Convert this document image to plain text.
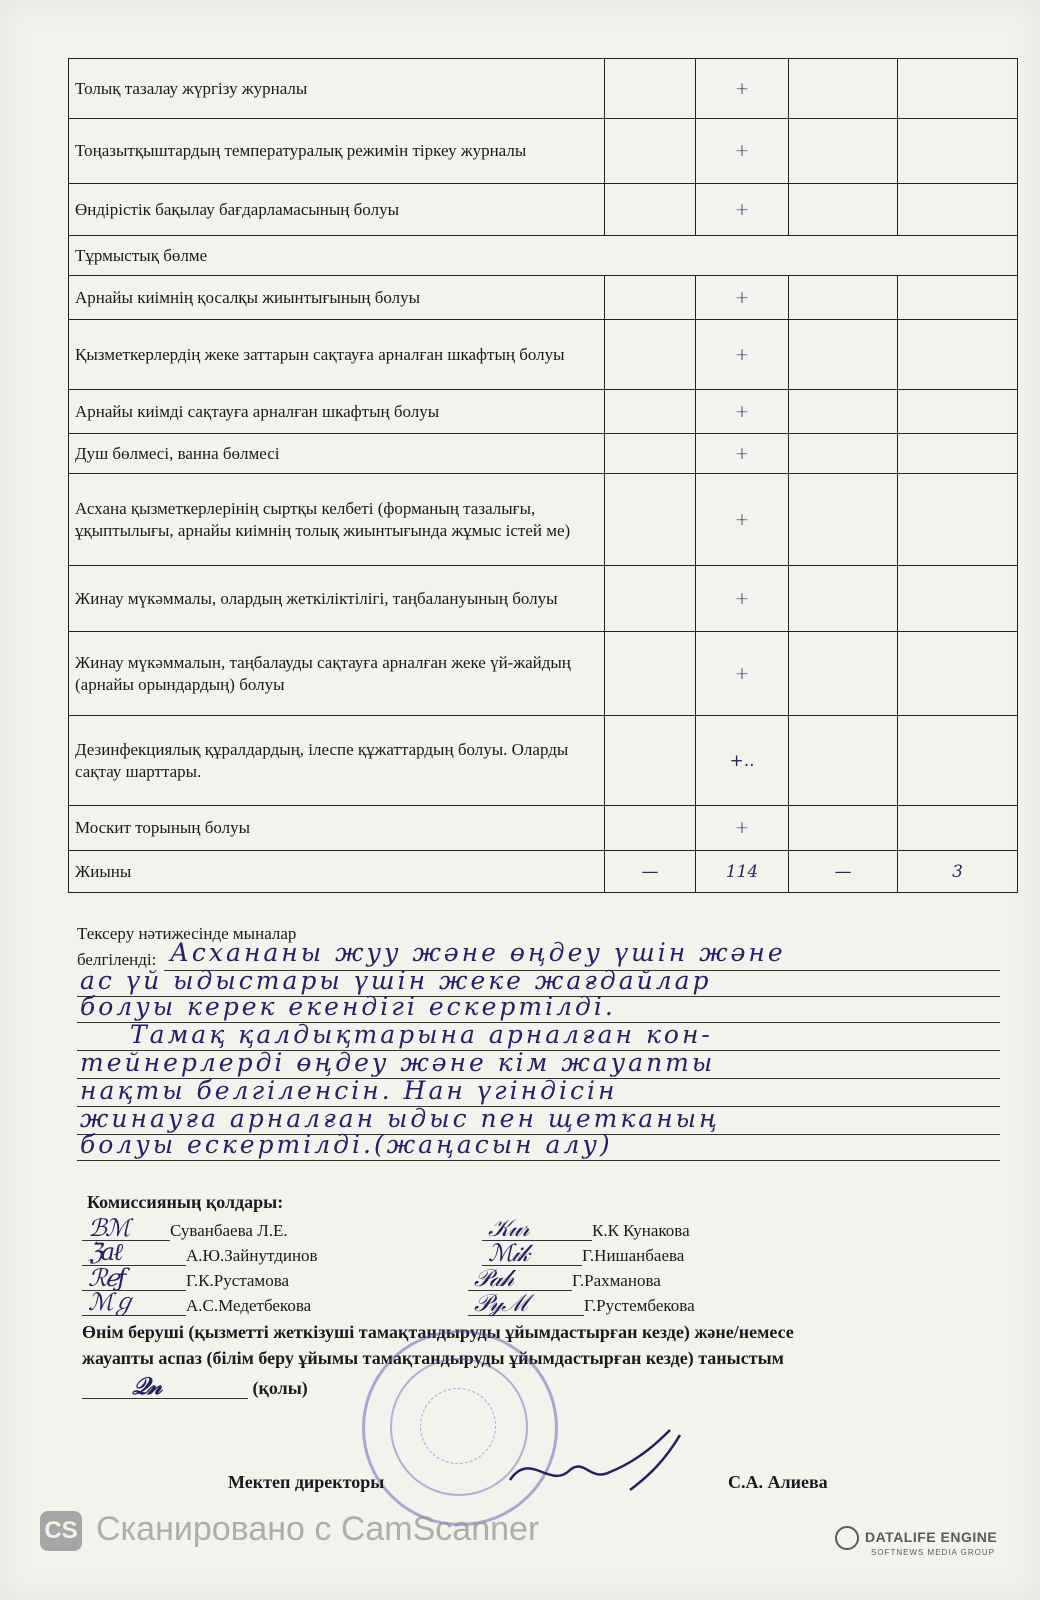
Толық тазалау жүргізу журналы		+		
Тоңазытқыштардың температуралық режимін тіркеу журналы		+		
Өндірістік бақылау бағдарламасының болуы		+		
Тұрмыстық бөлме				
Арнайы киімнің қосалқы жиынтығының болуы		+		
Қызметкерлердің жеке заттарын сақтауға арналған шкафтың болуы		+		
Арнайы киімді сақтауға арналған шкафтың болуы		+		
Душ бөлмесі, ванна бөлмесі		+		
Асхана қызметкерлерінің сыртқы келбеті (форманың тазалығы, ұқыптылығы, арнайы киімнің толық жиынтығында жұмыс істей ме)		+		
Жинау мүкәммалы, олардың жеткіліктілігі, таңбалануының болуы		+		
Жинау мүкәммалын, таңбалауды сақтауға арналған жеке үй-жайдың (арнайы орындардың) болуы		+		
Дезинфекциялық құралдардың, ілеспе құжаттардың болуы. Оларды сақтау шарттары.		+..		
Москит торының болуы		+		
Жиыны	—	114	—	3
Тексеру нәтижесінде мыналар
белгіленді: Асхананы жуу және өңдеу үшін және
ас үй ыдыстары үшін жеке жағдайлар
болуы керек екендігі ескертілді.
Тамақ қалдықтарына арналған кон-
тейнерлерді өңдеу және кім жауапты
нақты белгіленсін. Нан үгіндісін
жинауға арналған ыдыс пен щетканың
болуы ескертілді.(жаңасын алу)
Комиссияның қолдары:
ℬℳ Суванбаева Л.Е.
ℨaℓ	А.Ю.Зайнутдинов
ℛℯƒ	Г.К.Рустамова
ℳℊ	А.С.Медетбекова
𝒦𝓊𝓇	К.К Кунакова
ℳ𝒾𝓀	Г.Нишанбаева
𝒫𝒶𝒽	Г.Рахманова
𝒫𝓎ℳ	Г.Рустембекова
Өнім беруші (қызметті жеткізуші тамақтандыруды ұйымдастырған кезде) және/немесе
жауапты аспаз (білім беру ұйымы тамақтандыруды ұйымдастырған кезде) таныстым
𝒬𝓃	(қолы)
Мектеп директоры	С.А. Алиева
CS Сканировано с CamScanner	DATALIFE ENGINE
SOFTNEWS MEDIA GROUP
